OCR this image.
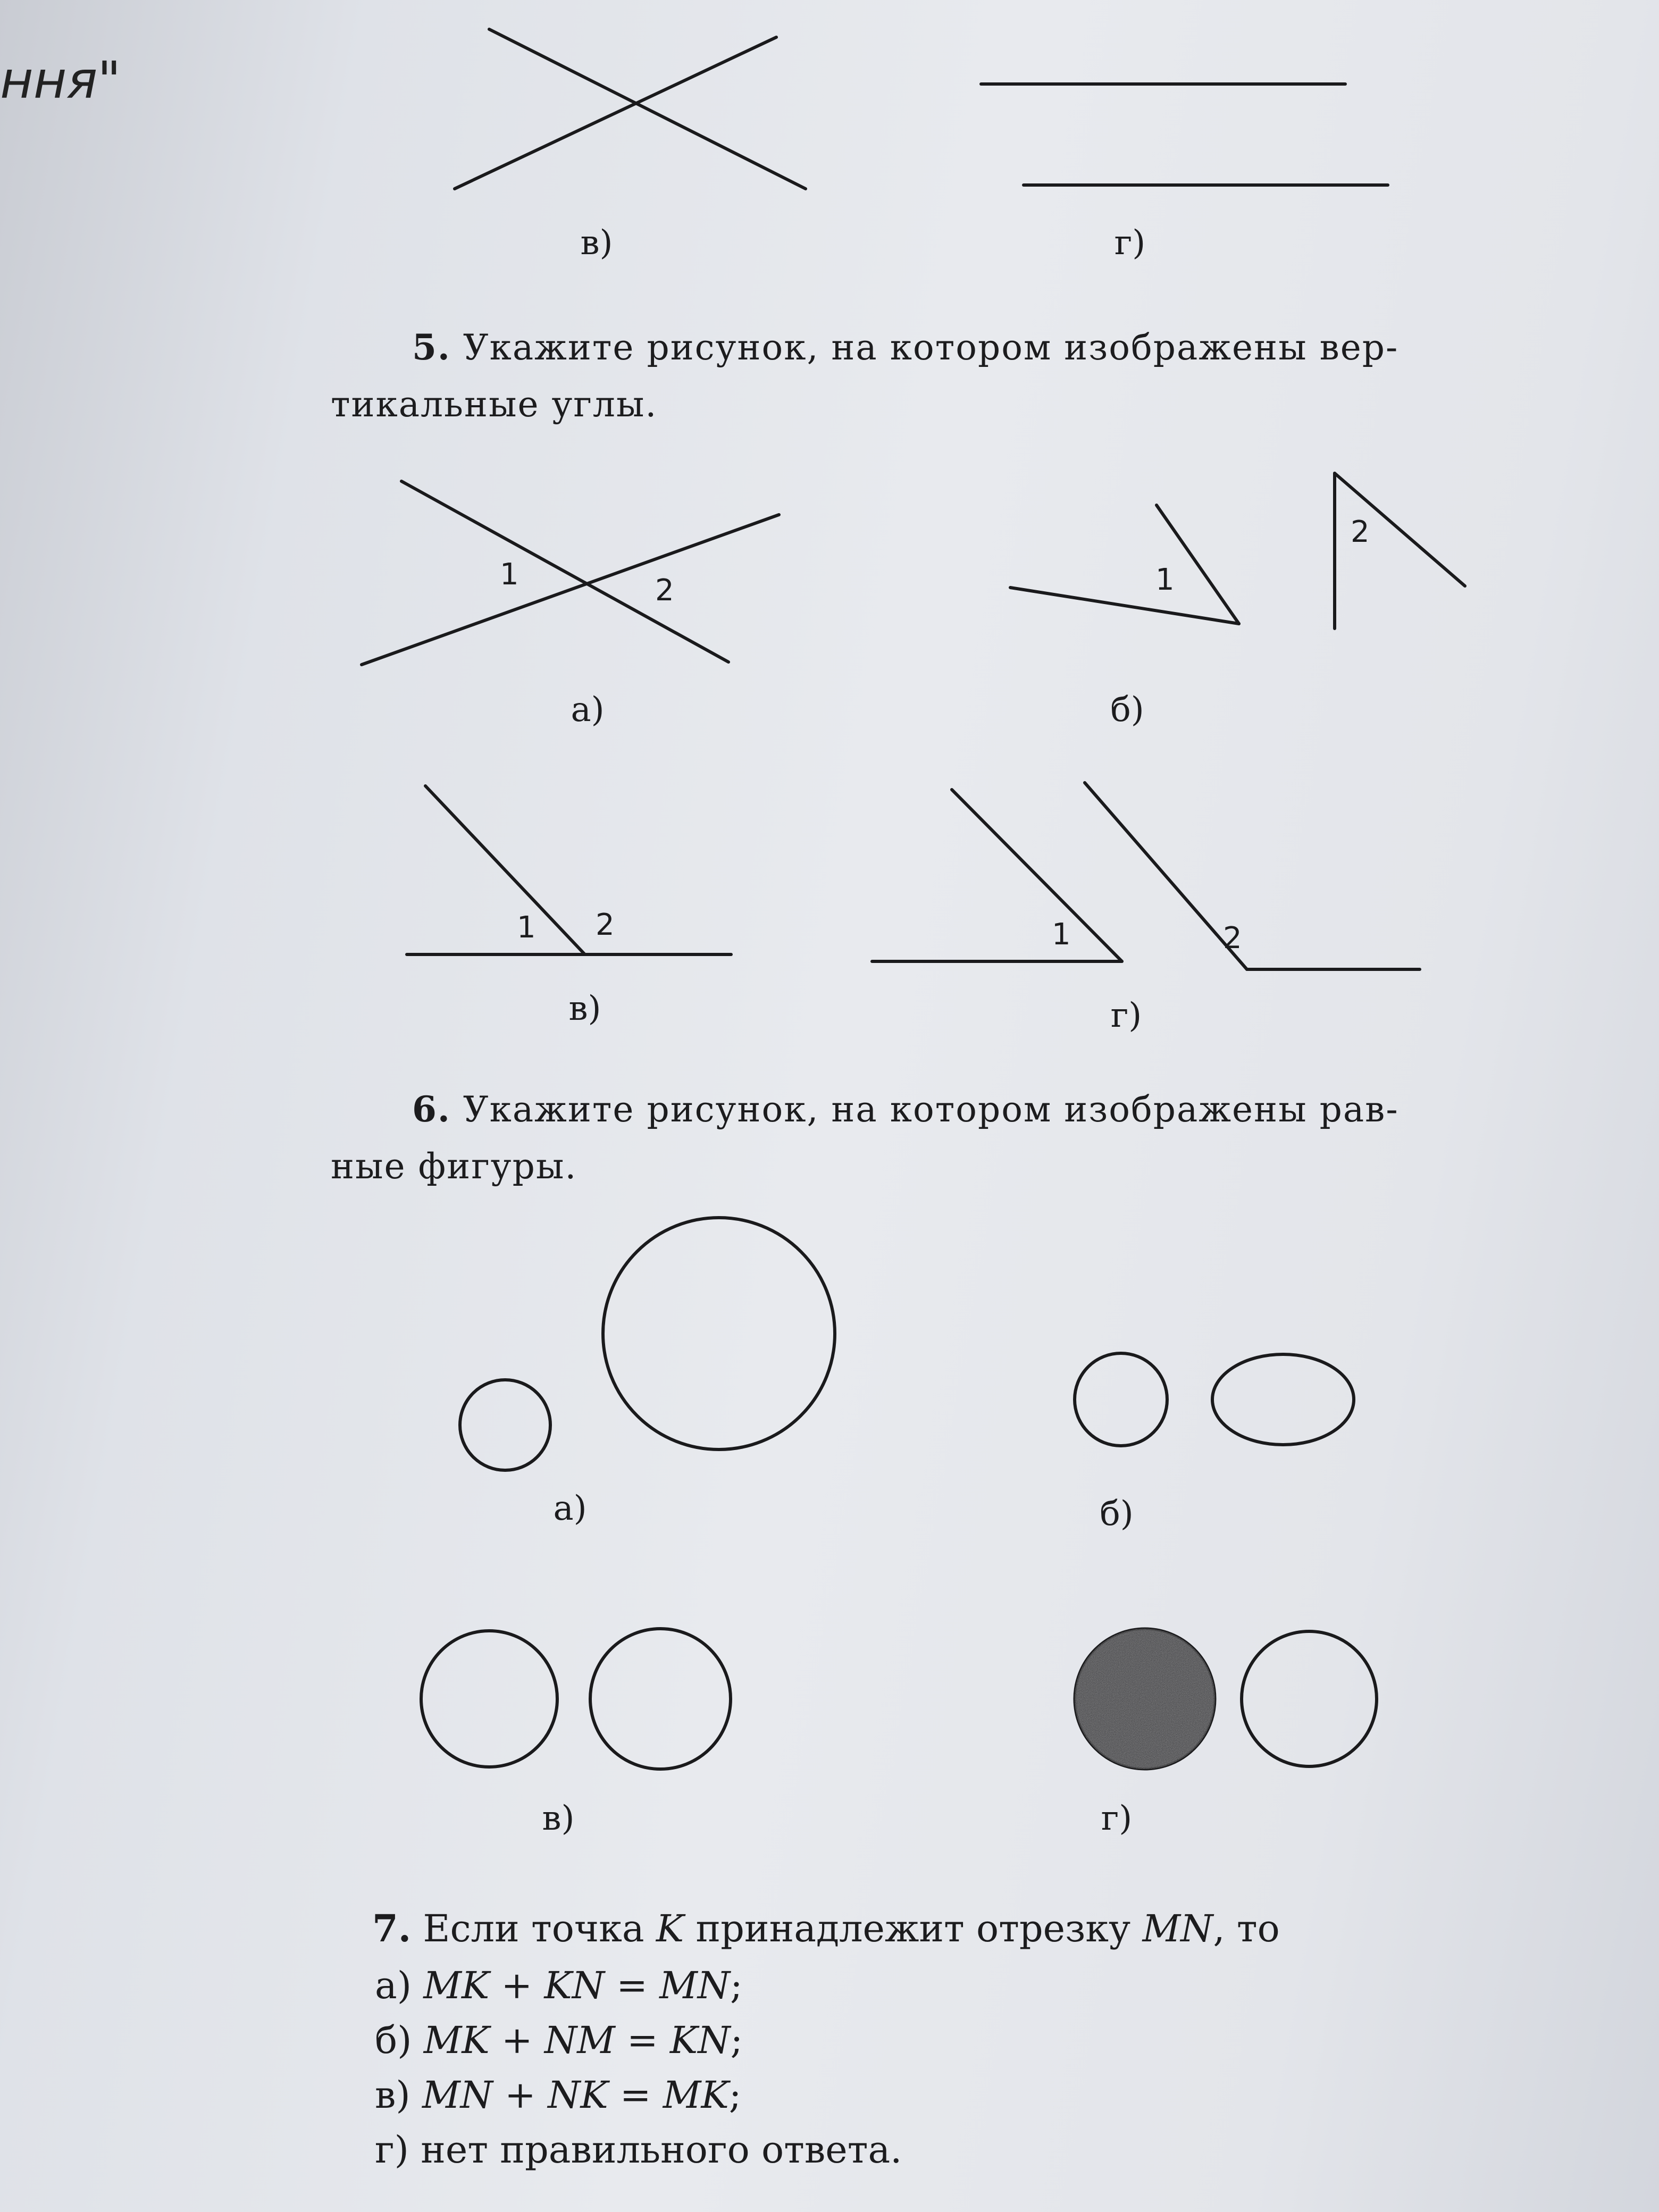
ння"
в)	г)
5. Укажите рисунок, на котором изображены вер-
тикальные углы.
1	2
а)
1
2
б)
1 2
в)
1	2
г)
6. Укажите рисунок, на котором изображены рав-
ные фигуры.
а)	б)
в)	г)
7. Если точка K принадлежит отрезку MN, то
а) MK + KN = MN;
б) MK + NM = KN;
в) MN + NK = MK;
г) нет правильного ответа.
